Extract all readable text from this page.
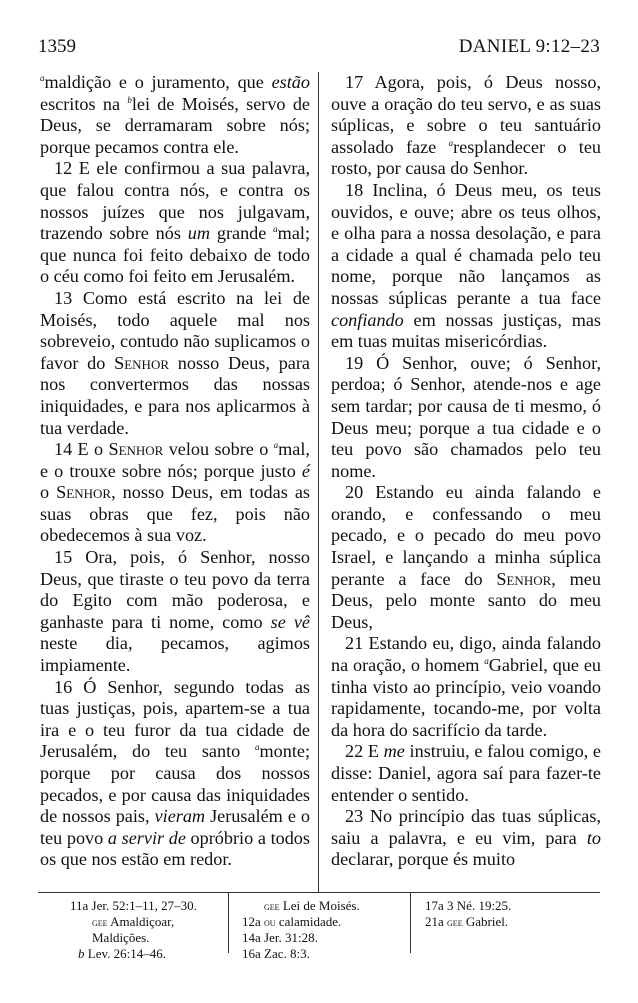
1359	DANIEL 9:12–23

$^a$maldição e o juramento, que estão escritos na $^b$lei de Moisés, servo de Deus, se derramaram sobre nós; porque pecamos contra ele.

12 E ele confirmou a sua palavra, que falou contra nós, e contra os nossos juízes que nos julgavam, trazendo sobre nós um grande $^a$mal; que nunca foi feito debaixo de todo o céu como foi feito em Jerusalém.

13 Como está escrito na lei de Moisés, todo aquele mal nos sobreveio, contudo não suplicamos o favor do Senhor nosso Deus, para nos convertermos das nossas iniquidades, e para nos aplicarmos à tua verdade.

14 E o Senhor velou sobre o $^a$mal, e o trouxe sobre nós; porque justo é o Senhor, nosso Deus, em todas as suas obras que fez, pois não obedecemos à sua voz.

15 Ora, pois, ó Senhor, nosso Deus, que tiraste o teu povo da terra do Egito com mão poderosa, e ganhaste para ti nome, como se vê neste dia, pecamos, agimos impiamente.

16 Ó Senhor, segundo todas as tuas justiças, pois, apartem-se a tua ira e o teu furor da tua cidade de Jerusalém, do teu santo $^a$monte; porque por causa dos nossos pecados, e por causa das iniquidades de nossos pais, vieram Jerusalém e o teu povo a servir de opróbrio a todos os que nos estão em redor.

17 Agora, pois, ó Deus nosso, ouve a oração do teu servo, e as suas súplicas, e sobre o teu santuário assolado faze $^a$resplandecer o teu rosto, por causa do Senhor.

18 Inclina, ó Deus meu, os teus ouvidos, e ouve; abre os teus olhos, e olha para a nossa desolação, e para a cidade a qual é chamada pelo teu nome, porque não lançamos as nossas súplicas perante a tua face confiando em nossas justiças, mas em tuas muitas misericórdias.

19 Ó Senhor, ouve; ó Senhor, perdoa; ó Senhor, atende-nos e age sem tardar; por causa de ti mesmo, ó Deus meu; porque a tua cidade e o teu povo são chamados pelo teu nome.

20 Estando eu ainda falando e orando, e confessando o meu pecado, e o pecado do meu povo Israel, e lançando a minha súplica perante a face do Senhor, meu Deus, pelo monte santo do meu Deus,

21 Estando eu, digo, ainda falando na oração, o homem $^a$Gabriel, que eu tinha visto ao princípio, veio voando rapidamente, tocando-me, por volta da hora do sacrifício da tarde.

22 E me instruiu, e falou comigo, e disse: Daniel, agora saí para fazer-te entender o sentido.

23 No princípio das tuas súplicas, saiu a palavra, e eu vim, para to declarar, porque és muito

11a Jer. 52:1–11, 27–30.
gee Amaldiçoar,
Maldições.
b Lev. 26:14–46.
gee Lei de Moisés.
12a ou calamidade.
14a Jer. 31:28.
16a Zac. 8:3.
17a 3 Né. 19:25.
21a gee Gabriel.
